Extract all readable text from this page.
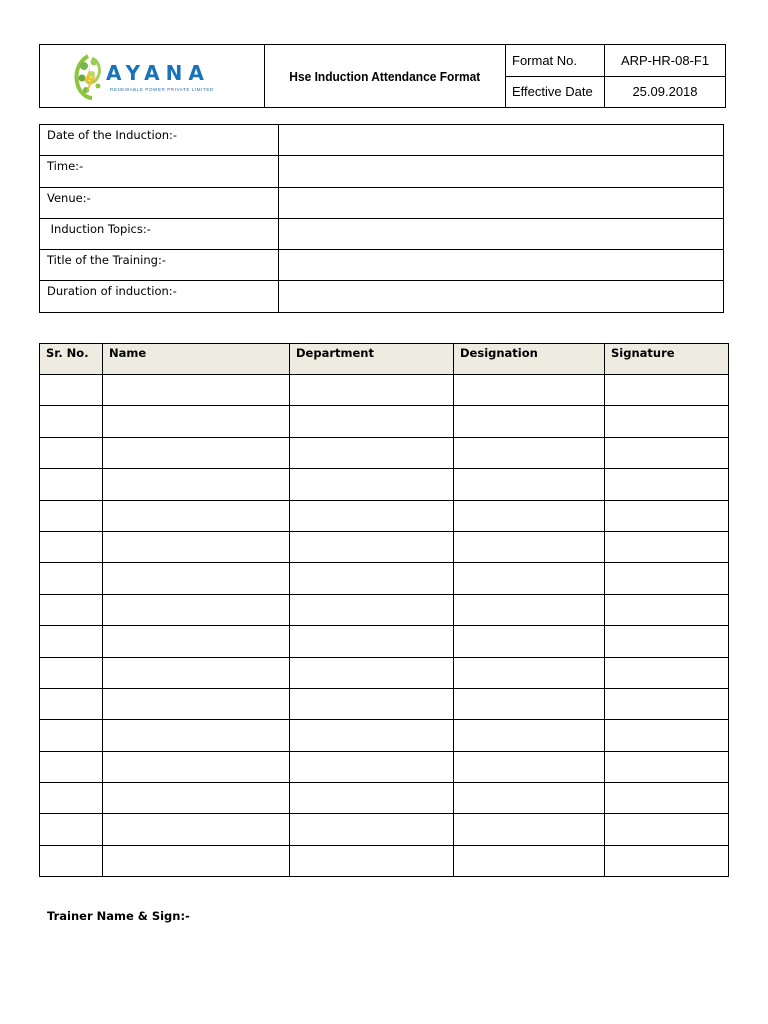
AYANA
RENEWABLE POWER PRIVATE LIMITED	Hse Induction Attendance Format	Format No.	ARP-HR-08-F1
		Effective Date	25.09.2018
Date of the Induction:-	
Time:-	
Venue:-	
Induction Topics:-	
Title of the Training:-	
Duration of induction:-	
Sr. No.	Name	Department	Designation	Signature

Trainer Name & Sign:-
